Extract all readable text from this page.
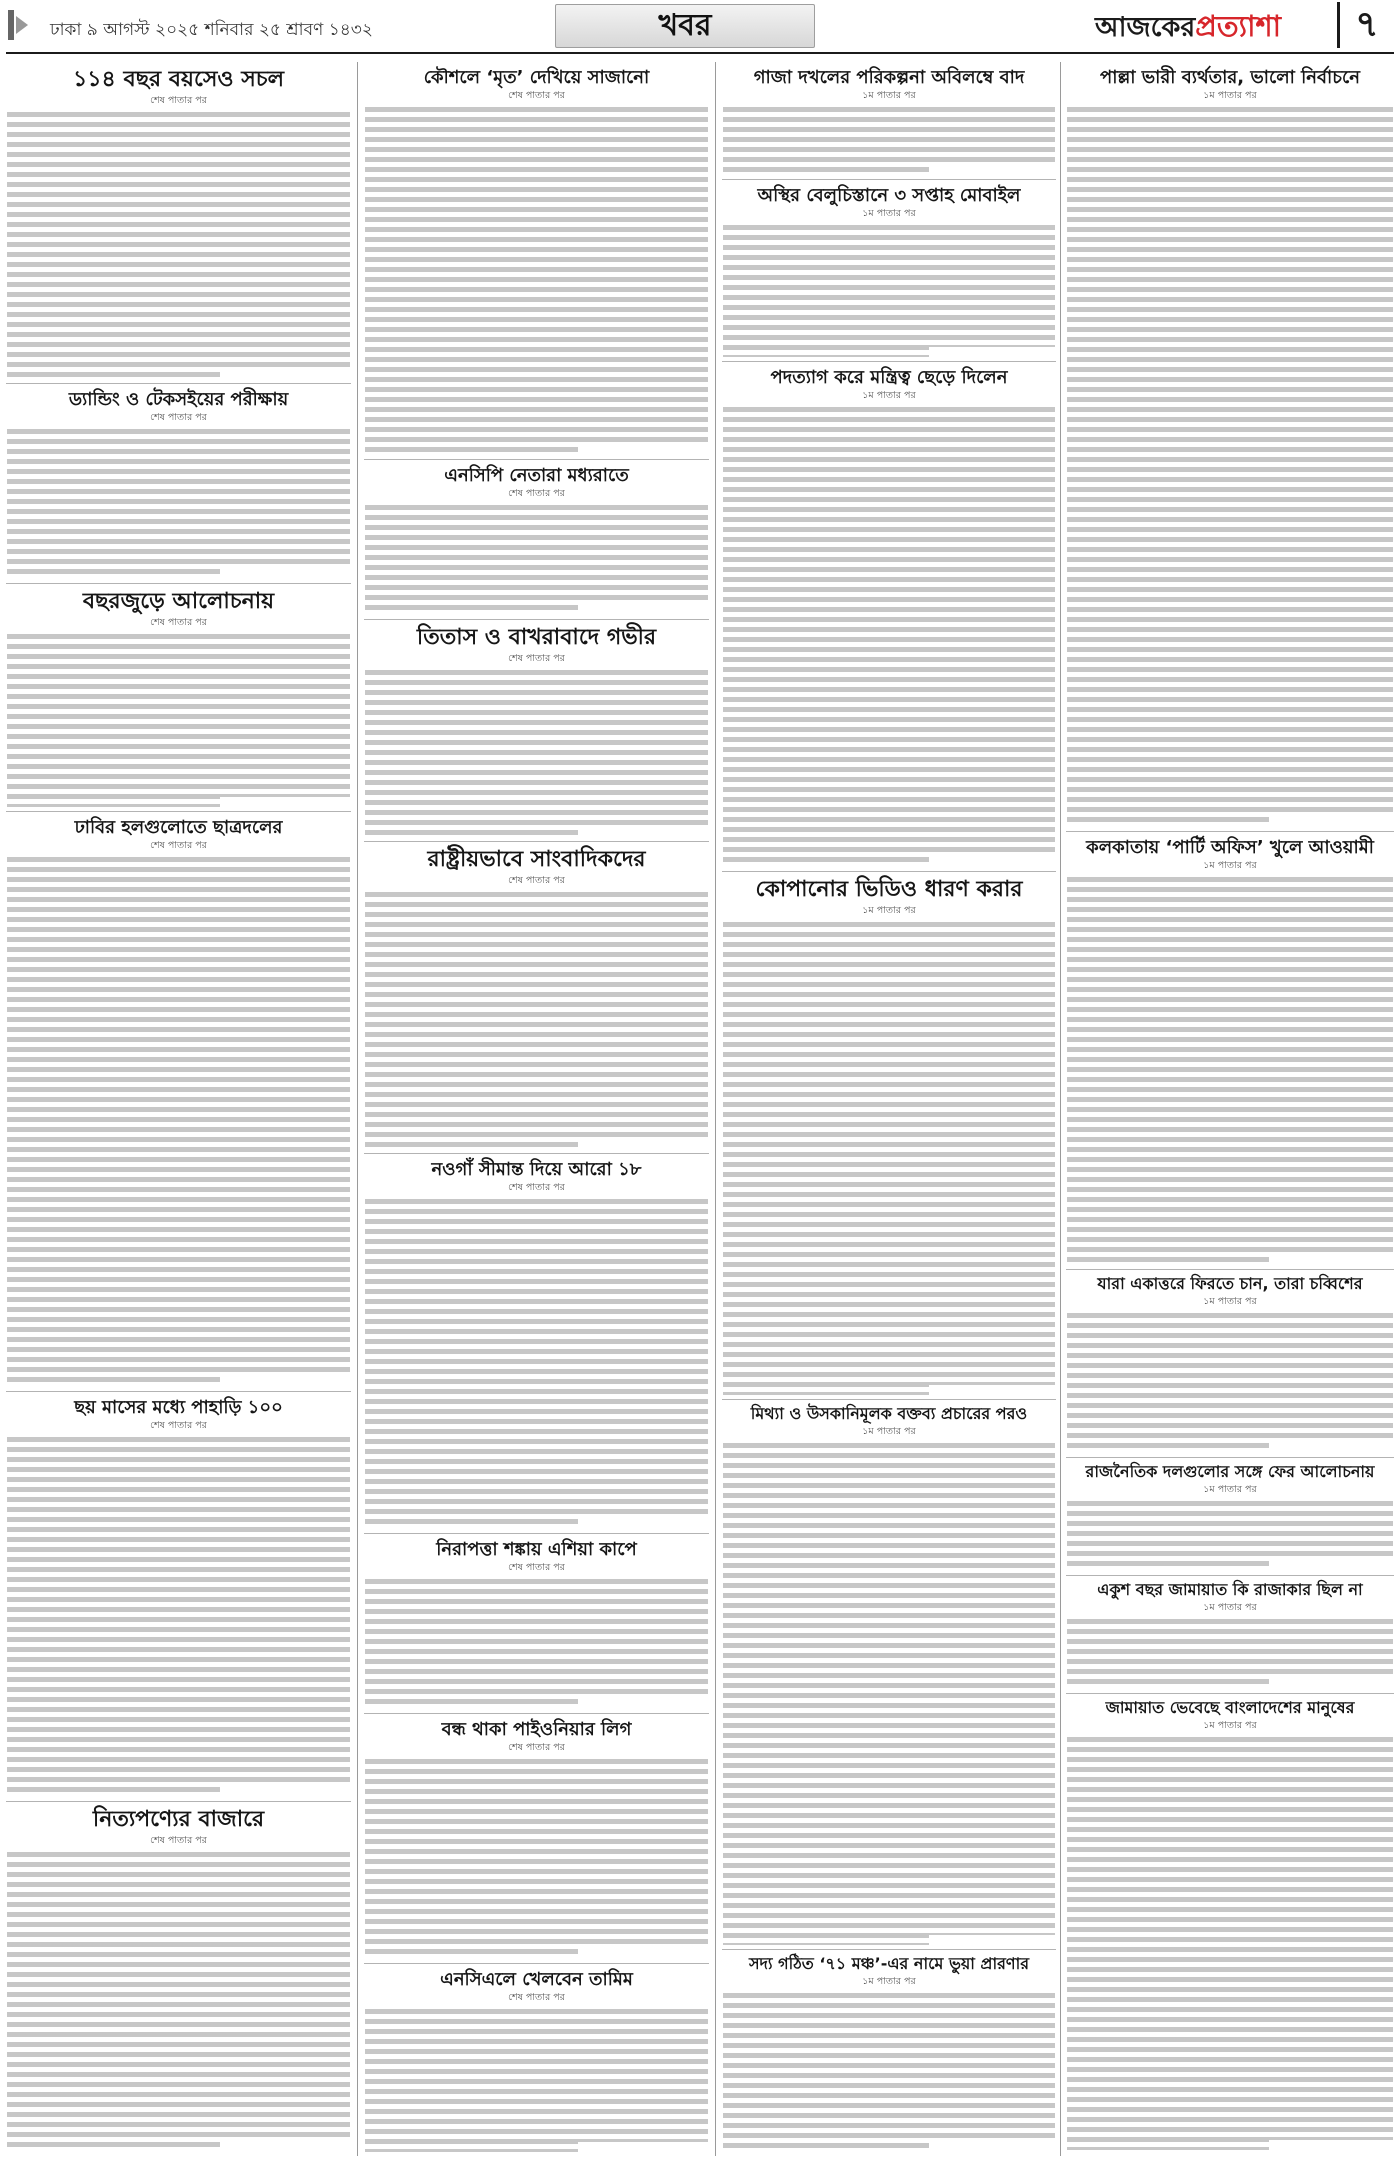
ঢাকা ৯ আগস্ট ২০২৫ শনিবার ২৫ শ্রাবণ ১৪৩২	খবর	আজকেরপ্রত্যাশা	৭
১১৪ বছর বয়সেও সচল
শেষ পাতার পর
ড্যান্ডিং ও টেকসইয়ের পরীক্ষায়
শেষ পাতার পর
বছরজুড়ে আলোচনায়
শেষ পাতার পর
ঢাবির হলগুলোতে ছাত্রদলের
শেষ পাতার পর
ছয় মাসের মধ্যে পাহাড়ি ১০০
শেষ পাতার পর
নিত্যপণ্যের বাজারে
শেষ পাতার পর
কৌশলে ‘মৃত’ দেখিয়ে সাজানো
শেষ পাতার পর
এনসিপি নেতারা মধ্যরাতে
শেষ পাতার পর
তিতাস ও বাখরাবাদে গভীর
শেষ পাতার পর
রাষ্ট্রীয়ভাবে সাংবাদিকদের
শেষ পাতার পর
নওগাঁ সীমান্ত দিয়ে আরো ১৮
শেষ পাতার পর
নিরাপত্তা শঙ্কায় এশিয়া কাপে
শেষ পাতার পর
বন্ধ থাকা পাইওনিয়ার লিগ
শেষ পাতার পর
এনসিএলে খেলবেন তামিম
শেষ পাতার পর
গাজা দখলের পরিকল্পনা অবিলম্বে বাদ
১ম পাতার পর
অস্থির বেলুচিস্তানে ৩ সপ্তাহ মোবাইল
১ম পাতার পর
পদত্যাগ করে মন্ত্রিত্ব ছেড়ে দিলেন
১ম পাতার পর
কোপানোর ভিডিও ধারণ করার
১ম পাতার পর
মিথ্যা ও উসকানিমূলক বক্তব্য প্রচারের পরও
১ম পাতার পর
সদ্য গঠিত ‘৭১ মঞ্চ’-এর নামে ভুয়া প্রারণার
১ম পাতার পর
পাল্লা ভারী ব্যর্থতার, ভালো নির্বাচনে
১ম পাতার পর
কলকাতায় ‘পার্টি অফিস’ খুলে আওয়ামী
১ম পাতার পর
যারা একাত্তরে ফিরতে চান, তারা চব্বিশের
১ম পাতার পর
রাজনৈতিক দলগুলোর সঙ্গে ফের আলোচনায়
১ম পাতার পর
একুশ বছর জামায়াত কি রাজাকার ছিল না
১ম পাতার পর
জামায়াত ভেবেছে বাংলাদেশের মানুষের
১ম পাতার পর
